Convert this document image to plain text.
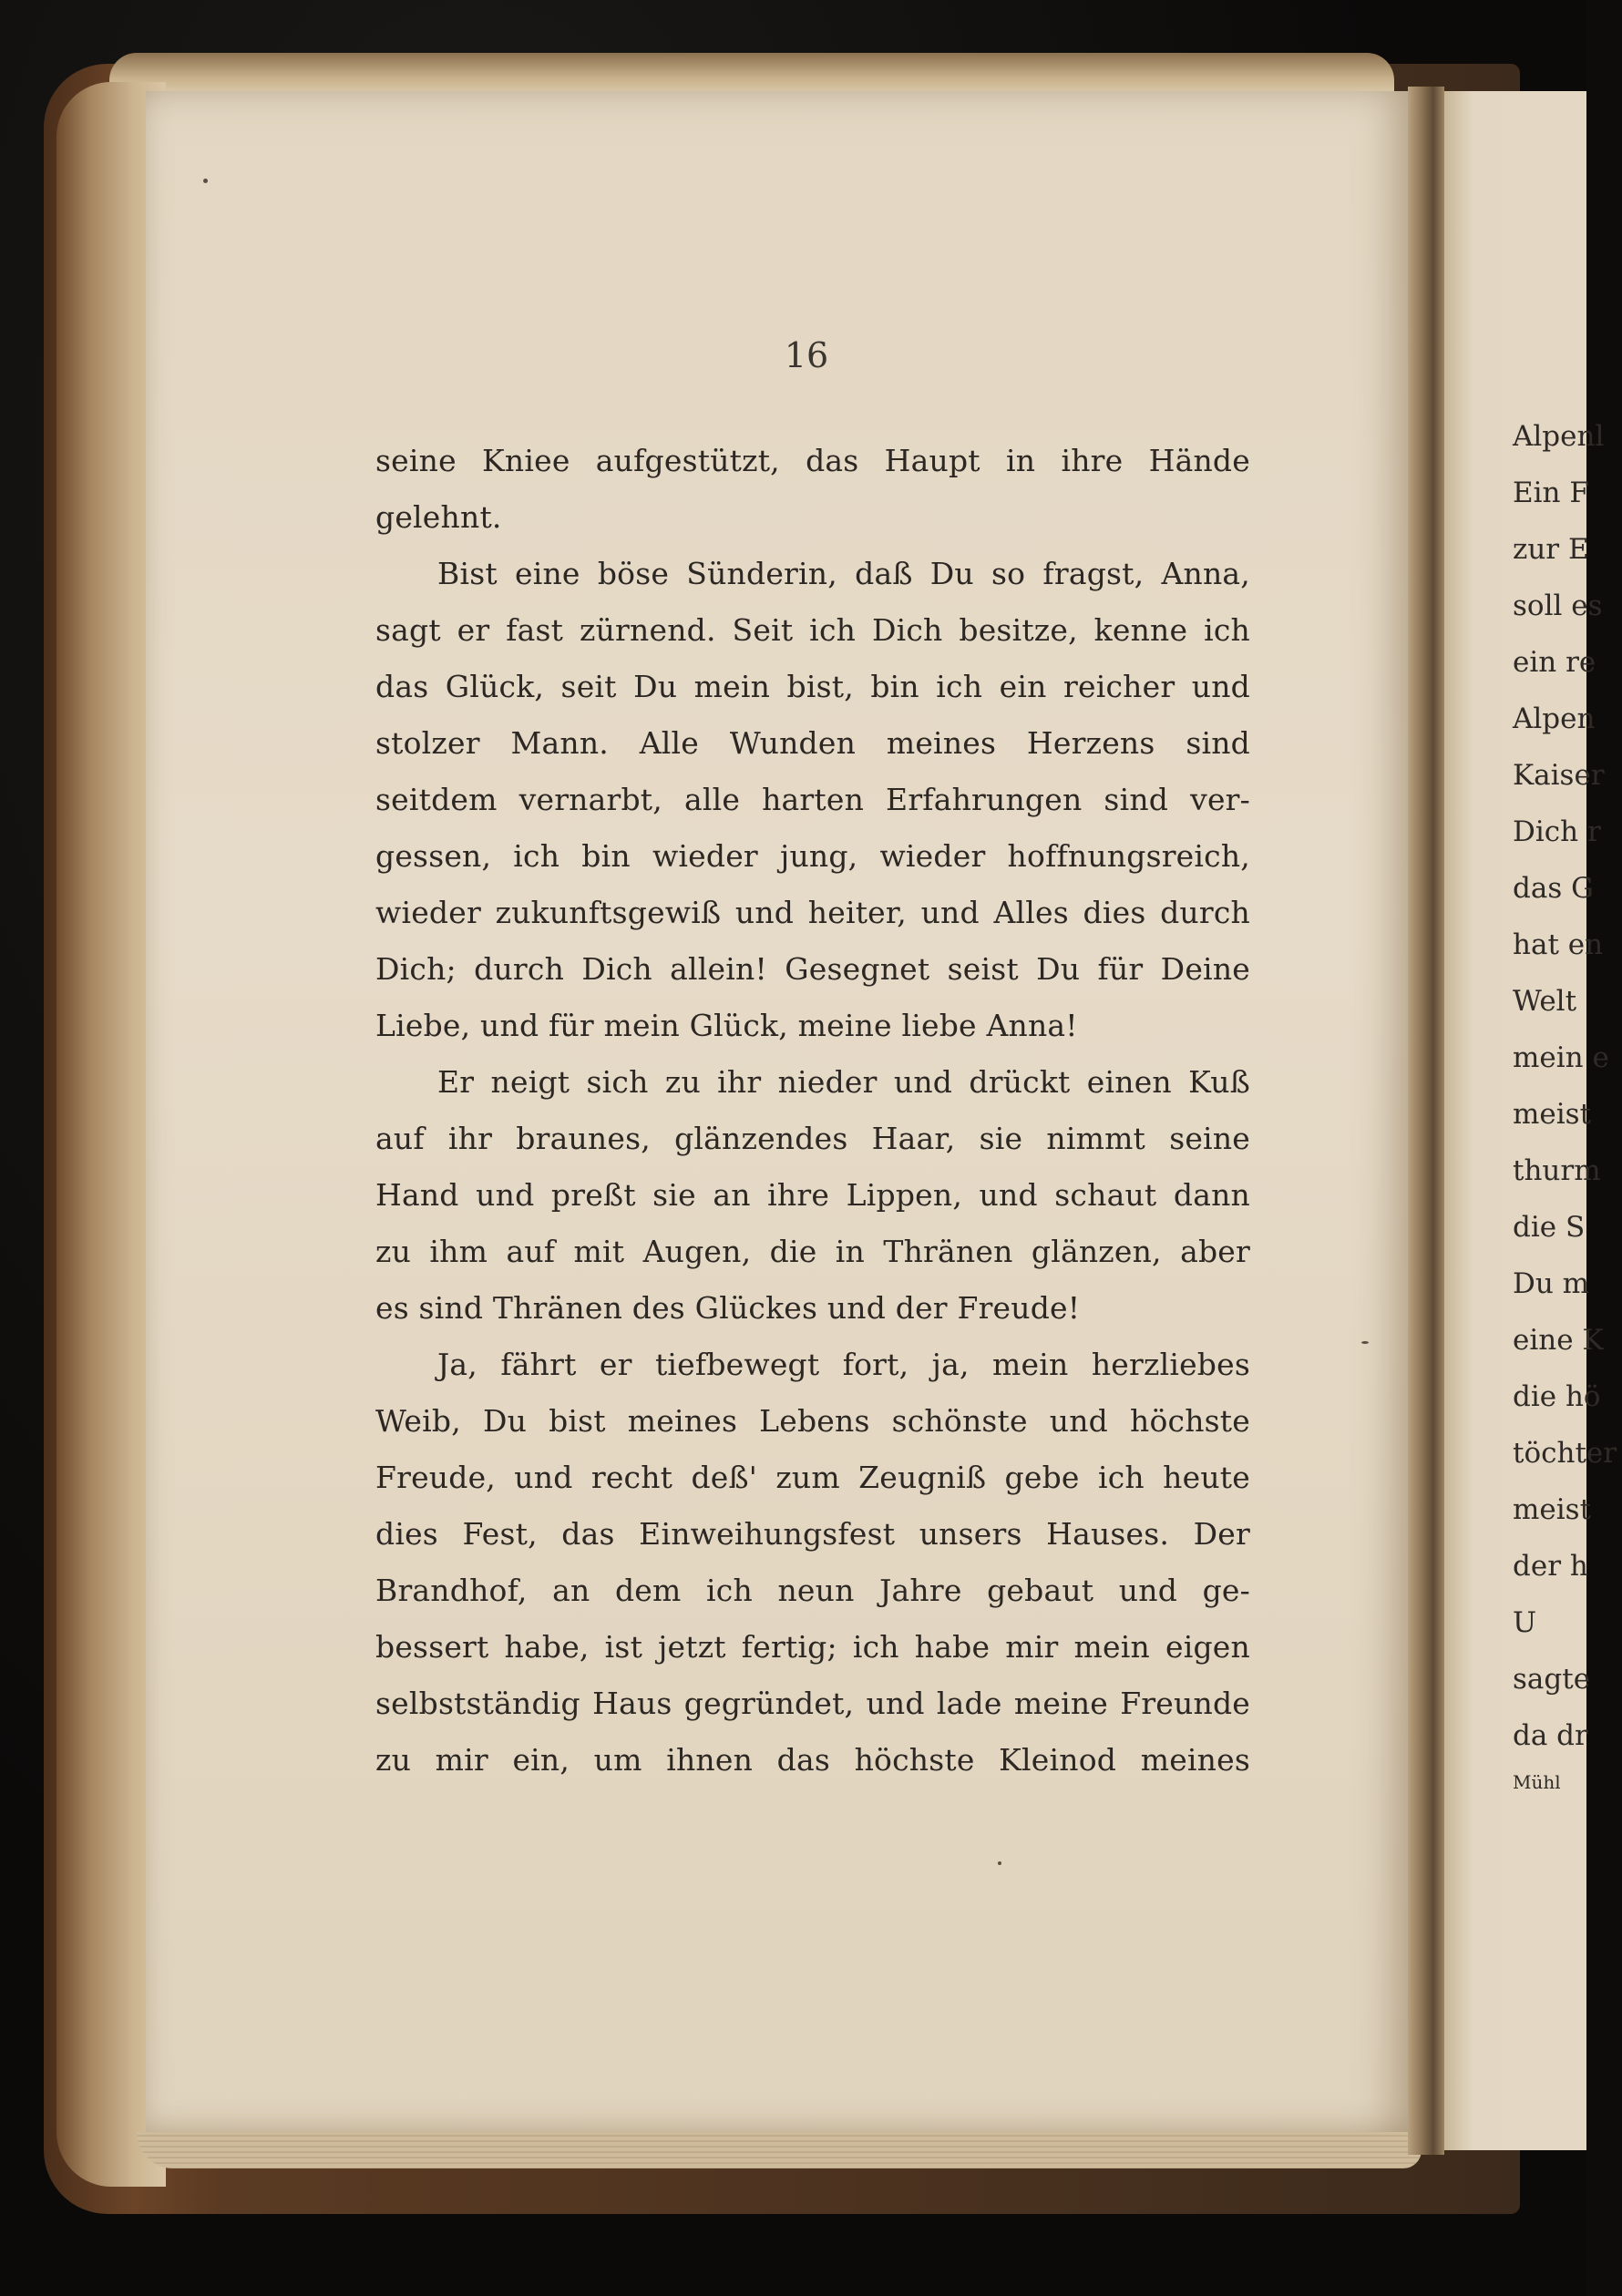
16
seine Kniee aufgestützt, das Haupt in ihre Hände
gelehnt.
Bist eine böse Sünderin, daß Du so fragst, Anna,
sagt er fast zürnend. Seit ich Dich besitze, kenne ich
das Glück, seit Du mein bist, bin ich ein reicher und
stolzer Mann. Alle Wunden meines Herzens sind
seitdem vernarbt, alle harten Erfahrungen sind ver-
gessen, ich bin wieder jung, wieder hoffnungsreich,
wieder zukunftsgewiß und heiter, und Alles dies durch
Dich; durch Dich allein! Gesegnet seist Du für Deine
Liebe, und für mein Glück, meine liebe Anna!
Er neigt sich zu ihr nieder und drückt einen Kuß
auf ihr braunes, glänzendes Haar, sie nimmt seine
Hand und preßt sie an ihre Lippen, und schaut dann
zu ihm auf mit Augen, die in Thränen glänzen, aber
es sind Thränen des Glückes und der Freude!
Ja, fährt er tiefbewegt fort, ja, mein herzliebes
Weib, Du bist meines Lebens schönste und höchste
Freude, und recht deß' zum Zeugniß gebe ich heute
dies Fest, das Einweihungsfest unsers Hauses. Der
Brandhof, an dem ich neun Jahre gebaut und ge-
bessert habe, ist jetzt fertig; ich habe mir mein eigen
selbstständig Haus gegründet, und lade meine Freunde
zu mir ein, um ihnen das höchste Kleinod meines
Alpenl
Ein F
zur E
soll es
ein re
Alpen
Kaiser
Dich r
das G
hat en
Welt
mein e
meist
thurm
die S
Du m
eine K
die hö
töchter
meist
der h
U
sagte
da dr
Mühl
